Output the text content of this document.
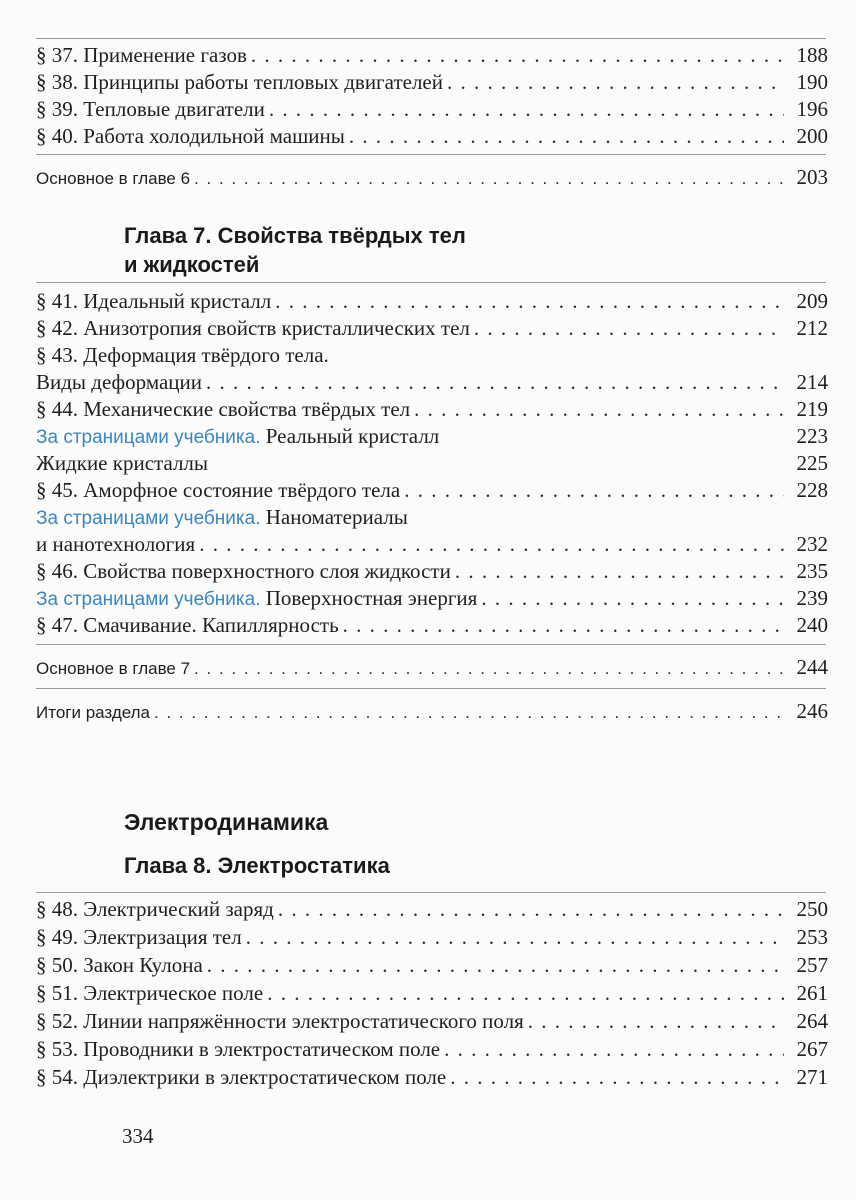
§ 37. Применение газов . . .	188
§ 38. Принципы работы тепловых двигателей . . .	190
§ 39. Тепловые двигатели . . .	196
§ 40. Работа холодильной машины . . .	200
Основное в главе 6 . . .	203
Глава 7. Свойства твёрдых тел
и жидкостей
§ 41. Идеальный кристалл . . .	209
§ 42. Анизотропия свойств кристаллических тел . . .	212
§ 43. Деформация твёрдого тела.
Виды деформации . . .	214
§ 44. Механические свойства твёрдых тел . . .	219
За страницами учебника. Реальный кристалл	223
Жидкие кристаллы	225
§ 45. Аморфное состояние твёрдого тела . . .	228
За страницами учебника. Наноматериалы
и нанотехнология . . .	232
§ 46. Свойства поверхностного слоя жидкости . . .	235
За страницами учебника. Поверхностная энергия . . .	239
§ 47. Смачивание. Капиллярность . . .	240
Основное в главе 7 . . .	244
Итоги раздела . . .	246
Электродинамика
Глава 8. Электростатика
§ 48. Электрический заряд . . .	250
§ 49. Электризация тел . . .	253
§ 50. Закон Кулона . . .	257
§ 51. Электрическое поле . . .	261
§ 52. Линии напряжённости электростатического поля . . .	264
§ 53. Проводники в электростатическом поле . . .	267
§ 54. Диэлектрики в электростатическом поле . . .	271
334
